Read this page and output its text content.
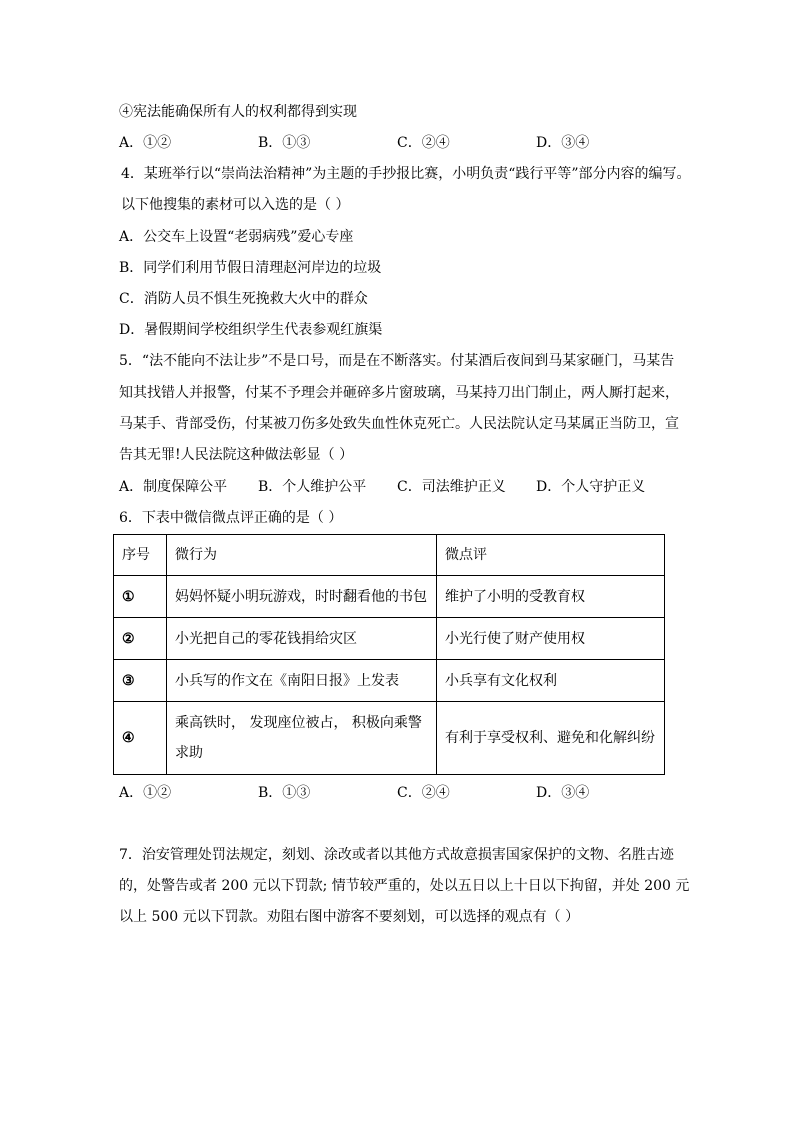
④宪法能确保所有人的权利都得到实现
A．①②	B．①③	C．②④	D．③④
4．某班举行以“崇尚法治精神”为主题的手抄报比赛，小明负责“践行平等”部分内容的编写。
以下他搜集的素材可以入选的是（ ）
A．公交车上设置“老弱病残”爱心专座
B．同学们利用节假日清理赵河岸边的垃圾
C．消防人员不惧生死挽救大火中的群众
D．暑假期间学校组织学生代表参观红旗渠
5．“法不能向不法让步”不是口号，而是在不断落实。付某酒后夜间到马某家砸门，马某告
知其找错人并报警，付某不予理会并砸碎多片窗玻璃，马某持刀出门制止，两人厮打起来，
马某手、背部受伤，付某被刀伤多处致失血性休克死亡。人民法院认定马某属正当防卫，宣
告其无罪!人民法院这种做法彰显（ ）
A．制度保障公平 B．个人维护公平 C．司法维护正义 D．个人守护正义
6．下表中微信微点评正确的是（ ）
序号	微行为	微点评
①	妈妈怀疑小明玩游戏，时时翻看他的书包	维护了小明的受教育权
②	小光把自己的零花钱捐给灾区	小光行使了财产使用权
③	小兵写的作文在《南阳日报》上发表	小兵享有文化权利
④	乘高铁时， 发现座位被占， 积极向乘警求助	有利于享受权利、避免和化解纠纷
A．①②	B．①③	C．②④	D．③④
7．治安管理处罚法规定，刻划、涂改或者以其他方式故意损害国家保护的文物、名胜古迹
的，处警告或者 200 元以下罚款; 情节较严重的，处以五日以上十日以下拘留，并处 200 元
以上 500 元以下罚款。劝阻右图中游客不要刻划，可以选择的观点有（ ）
